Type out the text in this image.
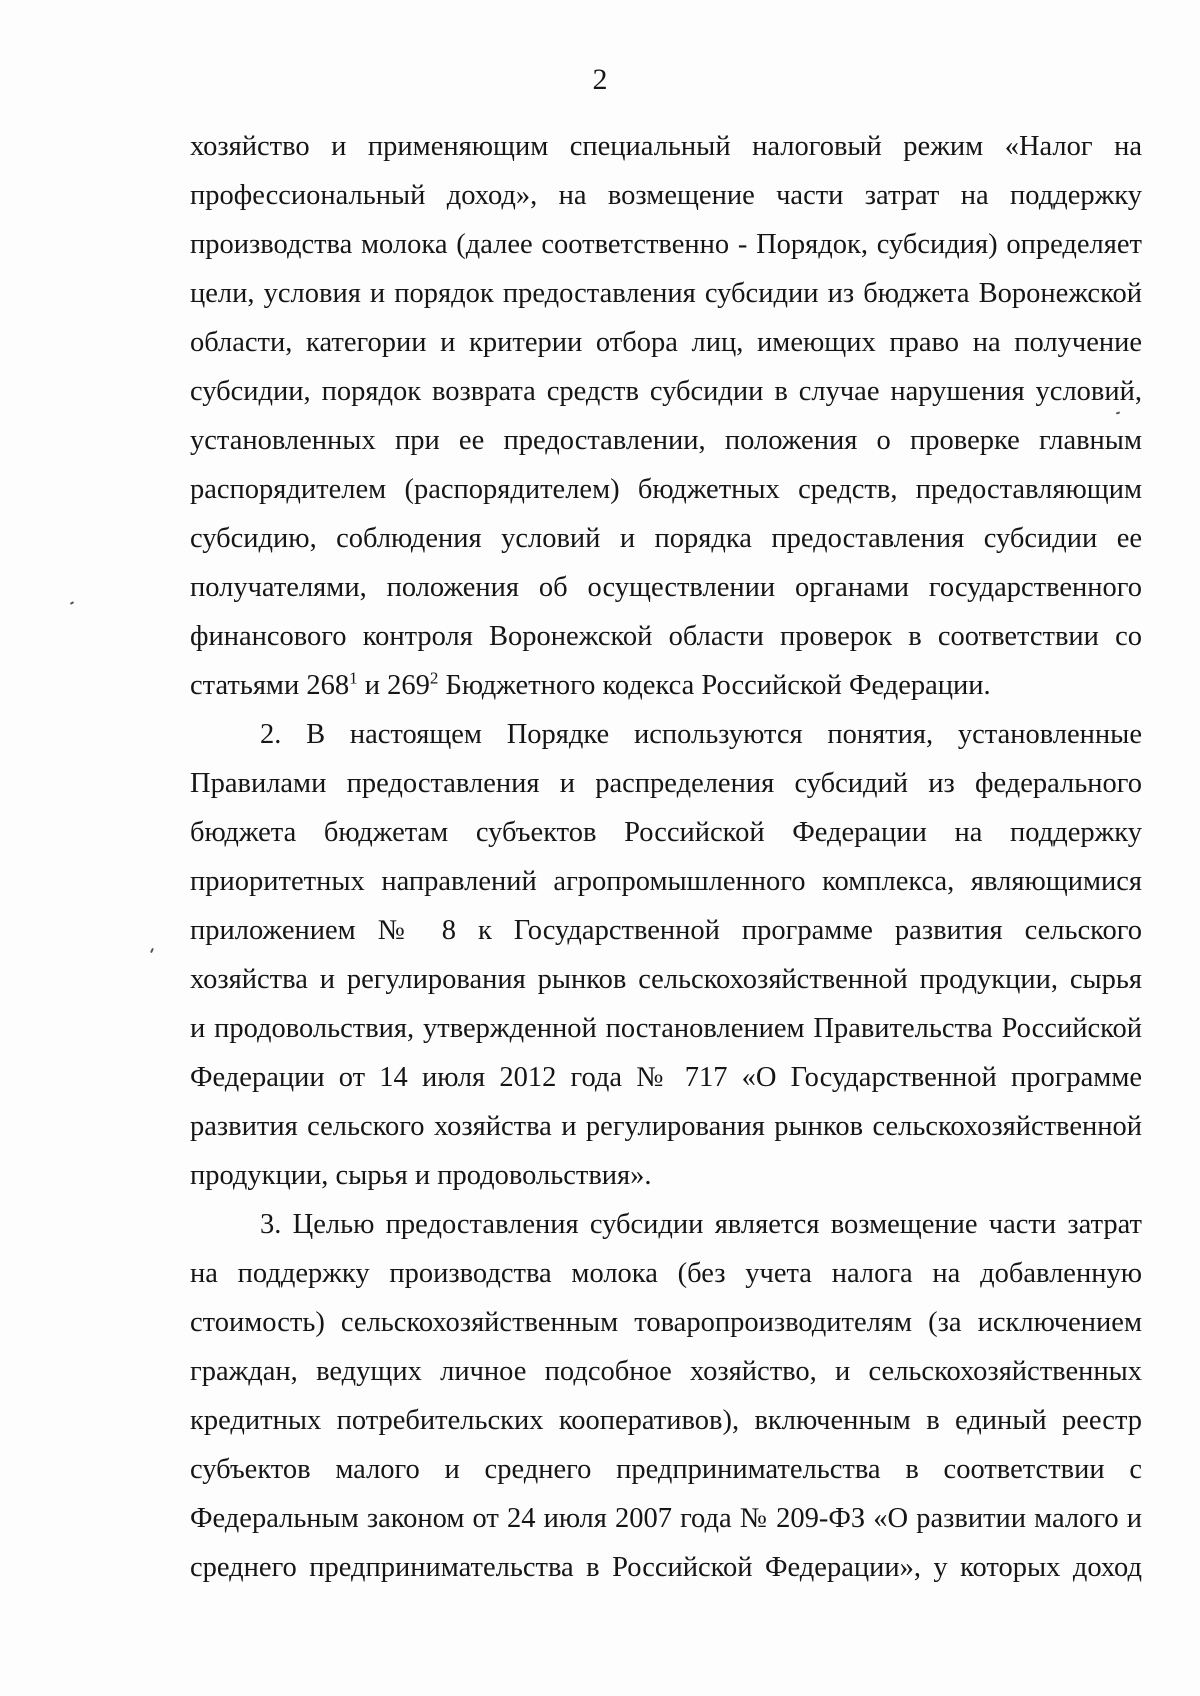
2
хозяйство и применяющим специальный налоговый режим «Налог на
профессиональный доход», на возмещение части затрат на поддержку
производства молока (далее соответственно - Порядок, субсидия) определяет
цели, условия и порядок предоставления субсидии из бюджета Воронежской
области, категории и критерии отбора лиц, имеющих право на получение
субсидии, порядок возврата средств субсидии в случае нарушения условий,
установленных при ее предоставлении, положения о проверке главным
распорядителем (распорядителем) бюджетных средств, предоставляющим
субсидию, соблюдения условий и порядка предоставления субсидии ее
получателями, положения об осуществлении органами государственного
финансового контроля Воронежской области проверок в соответствии со
статьями $268^1$ и $269^2$ Бюджетного кодекса Российской Федерации.
2. В настоящем Порядке используются понятия, установленные
Правилами предоставления и распределения субсидий из федерального
бюджета бюджетам субъектов Российской Федерации на поддержку
приоритетных направлений агропромышленного комплекса, являющимися
приложением № 8 к Государственной программе развития сельского
хозяйства и регулирования рынков сельскохозяйственной продукции, сырья
и продовольствия, утвержденной постановлением Правительства Российской
Федерации от 14 июля 2012 года № 717 «О Государственной программе
развития сельского хозяйства и регулирования рынков сельскохозяйственной
продукции, сырья и продовольствия».
3. Целью предоставления субсидии является возмещение части затрат
на поддержку производства молока (без учета налога на добавленную
стоимость) сельскохозяйственным товаропроизводителям (за исключением
граждан, ведущих личное подсобное хозяйство, и сельскохозяйственных
кредитных потребительских кооперативов), включенным в единый реестр
субъектов малого и среднего предпринимательства в соответствии с
Федеральным законом от 24 июля 2007 года № 209-ФЗ «О развитии малого и
среднего предпринимательства в Российской Федерации», у которых доход
